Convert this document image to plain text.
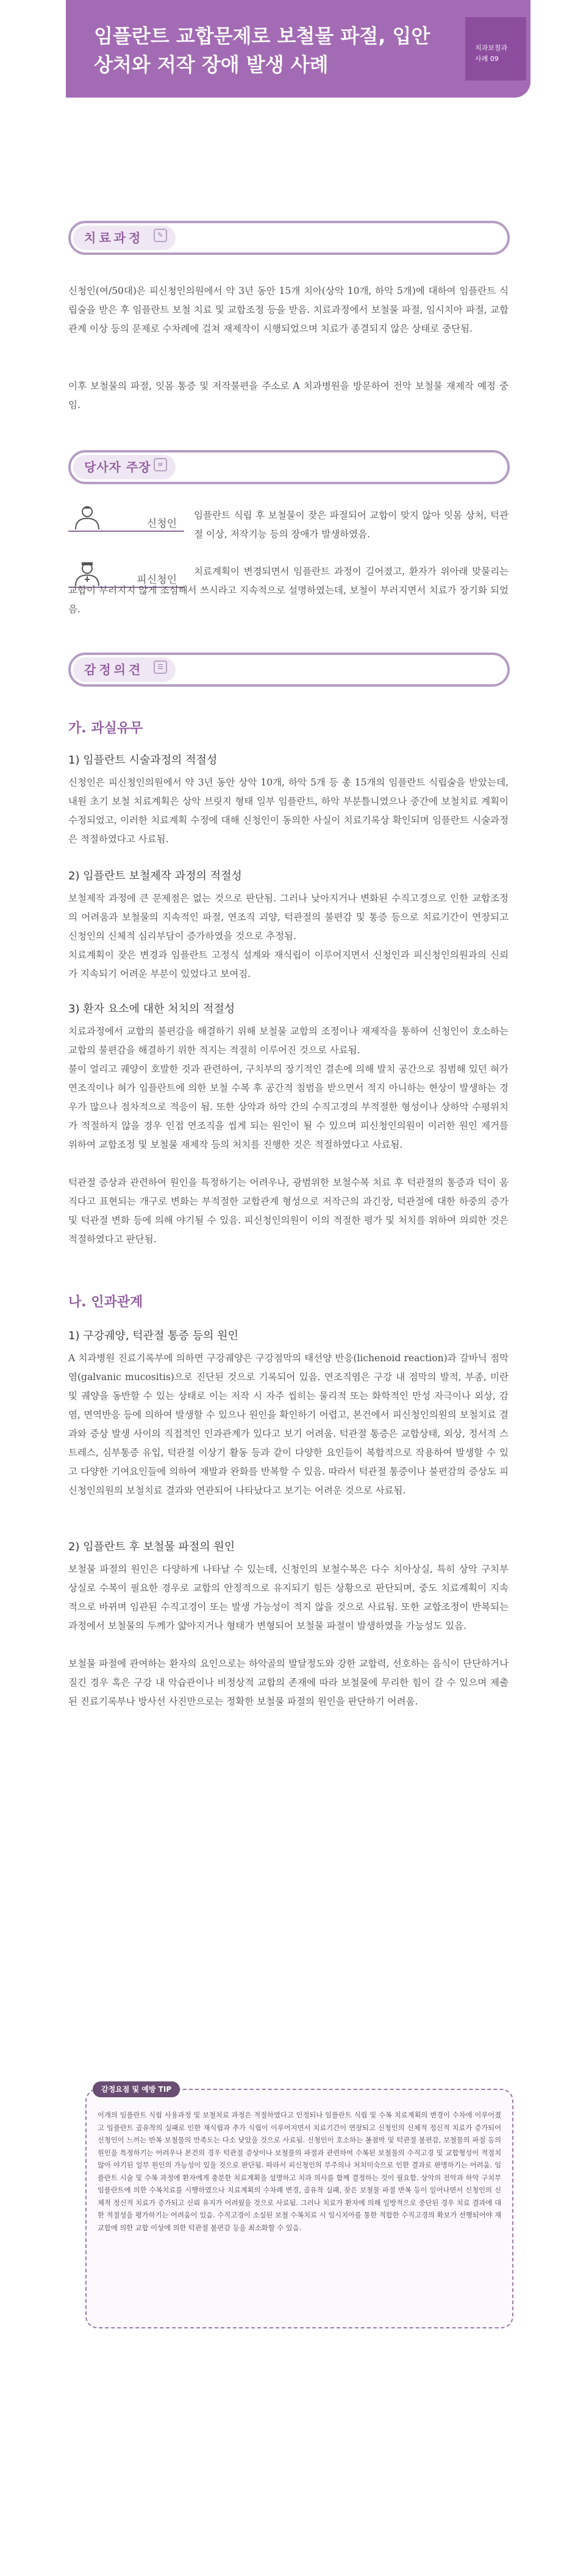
임플란트 교합문제로 보철물 파절, 입안 상처와 저작 장애 발생 사례
치과보철과
사례 09
치료과정	✎
신청인(여/50대)은 피신청인의원에서 약 3년 동안 15개 치아(상악 10개, 하악 5개)에 대하여 임플란트 식립술을 받은 후 임플란트 보철 치료 및 교합조정 등을 받음. 치료과정에서 보철물 파절, 임시치아 파절, 교합관계 이상 등의 문제로 수차례에 걸쳐 재제작이 시행되었으며 치료가 종결되지 않은 상태로 중단됨.
이후 보철물의 파절, 잇몸 통증 및 저작불편을 주소로 A 치과병원을 방문하여 전악 보철물 재제작 예정 중임.
당사자 주장 ≡
신청인
임플란트 식립 후 보철물이 잦은 파절되어 교합이 맞지 않아 잇몸 상처, 턱관절 이상, 저작기능 등의 장애가 발생하였음.
피신청인
치료계획이 변경되면서 임플란트 과정이 길어졌고, 환자가 위아래 맞물리는 교합이 부러지지 않게 조심해서 쓰시라고 지속적으로 설명하였는데, 보철이 부러지면서 치료가 장기화 되었음.
감정의견	☰
가. 과실유무
1) 임플란트 시술과정의 적절성
신청인은 피신청인의원에서 약 3년 동안 상악 10개, 하악 5개 등 총 15개의 임플란트 식립술을 받았는데, 내원 초기 보철 치료계획은 상악 브릿지 형태 일부 임플란트, 하악 부분틀니였으나 중간에 보철치료 계획이 수정되었고, 이러한 치료계획 수정에 대해 신청인이 동의한 사실이 치료기록상 확인되며 임플란트 시술과정은 적절하였다고 사료됨.
2) 임플란트 보철제작 과정의 적절성
보철제작 과정에 큰 문제점은 없는 것으로 판단됨. 그러나 낮아지거나 변화된 수직고경으로 인한 교합조정의 어려움과 보철물의 지속적인 파절, 연조직 괴양, 턱관절의 불편감 및 통증 등으로 치료기간이 연장되고 신청인의 신체적 심리부담이 증가하였을 것으로 추정됨.
치료계획이 잦은 변경과 임플란트 고정식 설계와 재식립이 이루어지면서 신청인과 피신청인의원과의 신뢰가 지속되기 어려운 부분이 있었다고 보여짐.
3) 환자 요소에 대한 처치의 적절성
치료과정에서 교합의 불편감을 해결하기 위해 보철물 교합의 조정이나 재제작을 통하여 신청인이 호소하는 교합의 불편감을 해결하기 위한 적지는 적절히 이루어진 것으로 사료됨.
불이 얼리고 궤양이 호발한 것과 관련하여, 구치부의 장기적인 결손에 의해 발치 공간으로 침범해 있던 혀가 연조직이나 혀가 임플란트에 의한 보철 수복 후 공간적 침범을 받으면서 적지 아니하는 현상이 발생하는 경우가 많으나 점차적으로 적응이 됨. 또한 상악과 하악 간의 수직고경의 부적절한 형성이나 상하악 수평위치가 적절하지 않을 경우 인접 연조직을 씹게 되는 원인이 될 수 있으며 피신청인의원이 이러한 원인 제거를 위하여 교합조정 및 보철물 재제작 등의 처치를 진행한 것은 적절하였다고 사료됨.
턱관절 증상과 관련하여 원인을 특정하기는 어려우나, 광범위한 보철수복 치료 후 턱관절의 통증과 턱이 움직다고 표현되는 개구로 변화는 부적절한 교합관계 형성으로 저작근의 과긴장, 턱관절에 대한 하중의 증가 및 턱관절 변화 등에 의해 야기될 수 있음. 피신청인의원이 이의 적절한 평가 및 처치를 위하여 의뢰한 것은 적절하였다고 판단됨.
나. 인과관계
1) 구강궤양, 턱관절 통증 등의 원인
A 치과병원 진료기록부에 의하면 구강궤양은 구강점막의 태선양 반응(lichenoid reaction)과 갈바닉 점막염(galvanic mucositis)으로 진단된 것으로 기록되어 있음. 연조직염은 구강 내 점막의 발적, 부종, 미란 및 궤양을 동반할 수 있는 상태로 이는 저작 시 자주 씹히는 물리적 또는 화학적인 만성 자극이나 외상, 감염, 면역반응 등에 의하여 발생할 수 있으나 원인을 확인하기 어렵고, 본건에서 피신청인의원의 보철치료 결과와 증상 발생 사이의 직접적인 인과관계가 있다고 보기 어려움. 턱관절 통증은 교합상태, 외상, 정서적 스트레스, 심부통증 유입, 턱관절 이상기 활동 등과 같이 다양한 요인들이 복합적으로 작용하여 발생할 수 있고 다양한 기여요인들에 의하여 재발과 완화를 반복할 수 있음. 따라서 턱관절 통증이나 불편감의 증상도 피신청인의원의 보철치료 결과와 연관되어 나타났다고 보기는 어려운 것으로 사료됨.
2) 임플란트 후 보철물 파절의 원인
보철물 파절의 원인은 다양하게 나타날 수 있는데, 신청인의 보철수복은 다수 치아상실, 특히 상악 구치부 상실로 수복이 필요한 경우로 교합의 안정적으로 유지되기 힘든 상황으로 판단되며, 중도 치료계획이 지속적으로 바뀌며 임관된 수직고경이 또는 발생 가능성이 적지 않을 것으로 사료됨. 또한 교합조정이 반복되는 과정에서 보철물의 두께가 얇아지거나 형태가 변형되어 보철물 파절이 발생하였을 가능성도 있음.
보철물 파절에 관여하는 환자의 요인으로는 하악골의 발달정도와 강한 교합력, 선호하는 음식이 단단하거나 질긴 경우 혹은 구강 내 악습관이나 비정상적 교합의 존재에 따라 보철물에 무리한 힘이 갈 수 있으며 제출된 진료기록부나 방사선 사진만으로는 정확한 보철물 파절의 원인을 판단하기 어려움.
감정요점 및 예방 TIP
이개의 임플란트 식립 사용과정 및 보철치료 과정은 적절하였다고 인정되나 임플란트 식립 및 수복 치료계획의 변경이 수차에 이루어졌고 임플란트 골유착의 실패로 인한 재식립과 추가 식립이 이루어지면서 치료기간이 연장되고 신청인의 신체적 정신적 치료가 증가되어 신청인이 느끼는 반복 보철물의 만족도는 다소 낮았을 것으로 사료됨. 신청인이 호소하는 볼점막 및 턱관절 불편감, 보철물의 파절 등의 원인을 특정하기는 어려우나 본건의 경우 턱관절 증상이나 보철물의 파절과 관련하여 수복된 보철물의 수직고경 및 교합형성이 적절치 않아 야기된 일부 원인의 가능성이 있을 것으로 판단됨. 따라서 피신청인의 부주의나 처치미숙으로 인한 결과로 판명하기는 어려움. 임플란트 시술 및 수복 과정에 환자에게 충분한 치료계획을 설명하고 치과 의사를 함께 결정하는 것이 필요함. 상악의 전악과 하악 구치부 임플란트에 의한 수복치료를 시행하였으나 치료계획의 수차례 변경, 골유착 실패, 잦은 보철물 파절 반복 등이 일어나면서 신청인의 신체적 정신적 치료가 증가되고 신뢰 유지가 어려웠을 것으로 사료됨. 그러나 치료가 환자에 의해 일방적으로 중단된 경우 치료 결과에 대한 적절성을 평가하기는 어려움이 있음. 수직고경이 소실된 보철 수복치료 시 임시치아를 통한 적합한 수직고경의 확보가 선행되어야 재교합에 의한 교합 이상에 의한 턱관절 불편감 등을 최소화할 수 있음.
